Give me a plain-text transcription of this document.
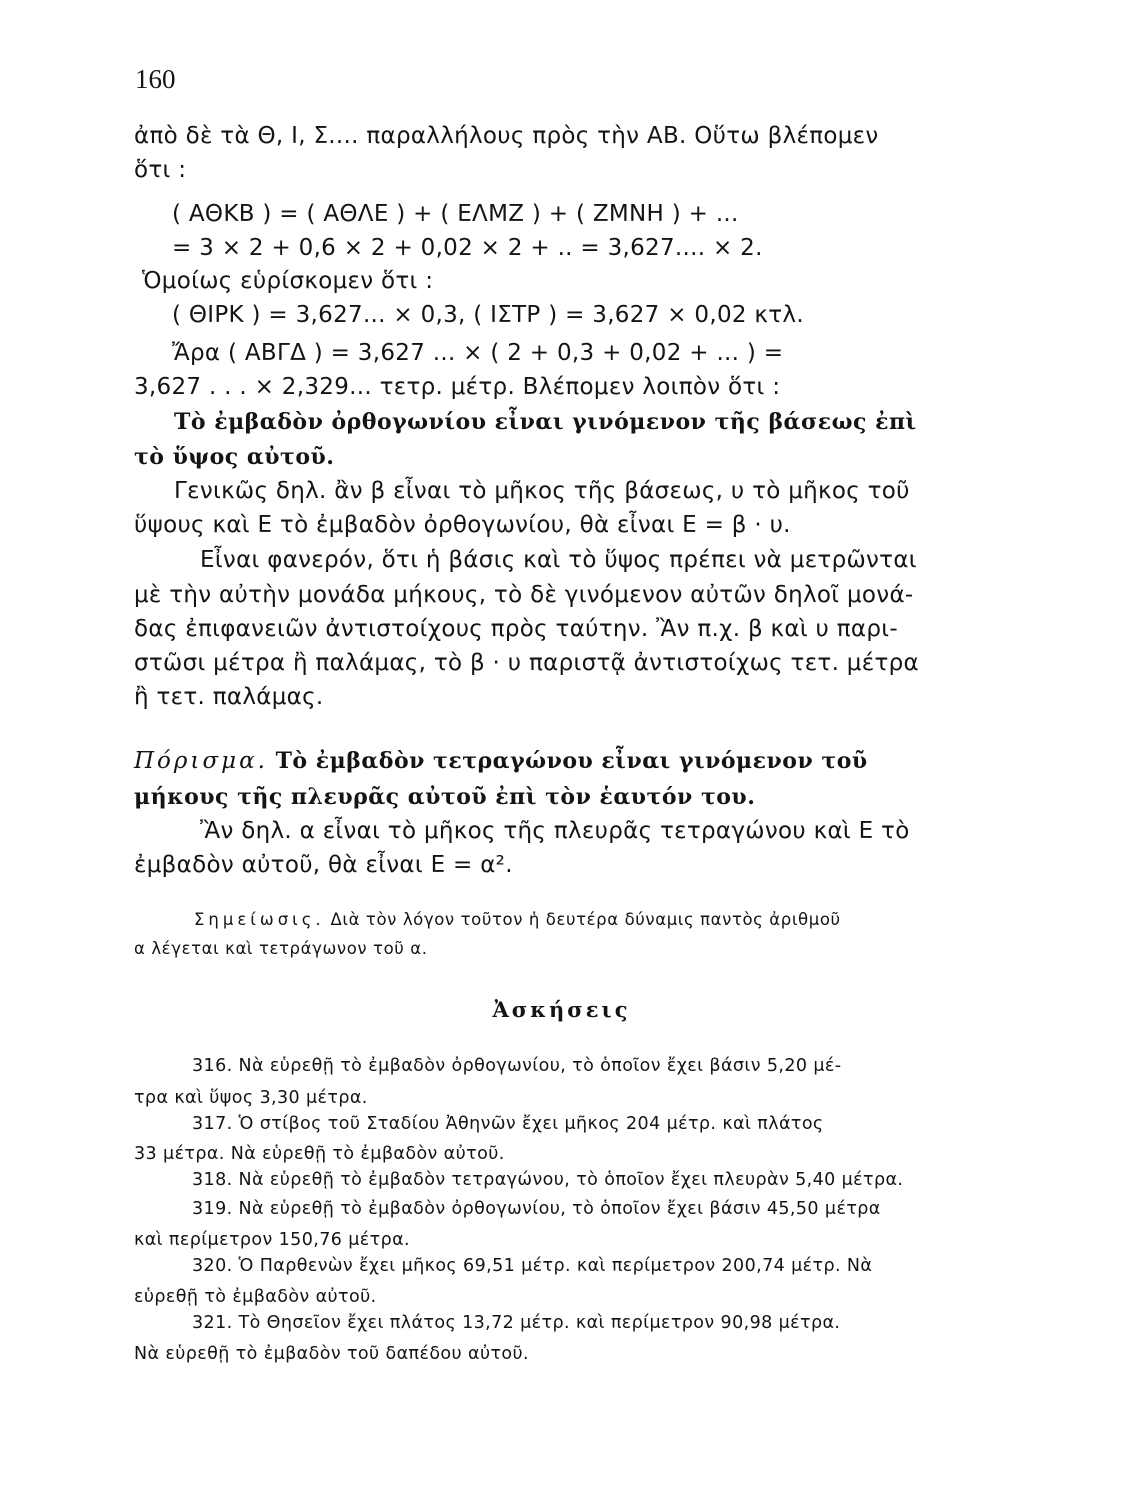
160
ἀπὸ δὲ τὰ Θ, Ι, Σ.... παραλλήλους πρὸς τὴν ΑΒ. Οὕτω βλέπομεν
ὅτι :
( ΑΘΚΒ ) = ( ΑΘΛΕ ) + ( ΕΛΜΖ ) + ( ΖΜΝΗ ) + ...
= 3 × 2 + 0,6 × 2 + 0,02 × 2 + .. = 3,627.... × 2.
Ὁμοίως εὑρίσκομεν ὅτι :
( ΘΙΡΚ ) = 3,627... × 0,3, ( ΙΣΤΡ ) = 3,627 × 0,02 κτλ.
Ἄρα ( ΑΒΓΔ ) = 3,627 ... × ( 2 + 0,3 + 0,02 + ... ) =
3,627 . . . × 2,329... τετρ. μέτρ. Βλέπομεν λοιπὸν ὅτι :
Τὸ ἐμβαδὸν ὀρθογωνίου εἶναι γινόμενον τῆς βάσεως ἐπὶ
τὸ ὕψος αὐτοῦ.
Γενικῶς δηλ. ἂν β εἶναι τὸ μῆκος τῆς βάσεως, υ τὸ μῆκος τοῦ
ὕψους καὶ Ε τὸ ἐμβαδὸν ὀρθογωνίου, θὰ εἶναι Ε = β · υ.
Εἶναι φανερόν, ὅτι ἡ βάσις καὶ τὸ ὕψος πρέπει νὰ μετρῶνται
μὲ τὴν αὐτὴν μονάδα μήκους, τὸ δὲ γινόμενον αὐτῶν δηλοῖ μονά-
δας ἐπιφανειῶν ἀντιστοίχους πρὸς ταύτην. Ἂν π.χ. β καὶ υ παρι-
στῶσι μέτρα ἢ παλάμας, τὸ β · υ παριστᾷ ἀντιστοίχως τετ. μέτρα
ἢ τετ. παλάμας.
Πόρισμα. Τὸ ἐμβαδὸν τετραγώνου εἶναι γινόμενον τοῦ
μήκους τῆς πλευρᾶς αὐτοῦ ἐπὶ τὸν ἑαυτόν του.
Ἂν δηλ. α εἶναι τὸ μῆκος τῆς πλευρᾶς τετραγώνου καὶ Ε τὸ
ἐμβαδὸν αὐτοῦ, θὰ εἶναι Ε = α².
Σημείωσις. Διὰ τὸν λόγον τοῦτον ἡ δευτέρα δύναμις παντὸς ἀριθμοῦ
α λέγεται καὶ τετράγωνον τοῦ α.
Ἀσκήσεις
316. Νὰ εὑρεθῇ τὸ ἐμβαδὸν ὀρθογωνίου, τὸ ὁποῖον ἔχει βάσιν 5,20 μέ-
τρα καὶ ὕψος 3,30 μέτρα.
317. Ὁ στίβος τοῦ Σταδίου Ἀθηνῶν ἔχει μῆκος 204 μέτρ. καὶ πλάτος
33 μέτρα. Νὰ εὑρεθῇ τὸ ἐμβαδὸν αὐτοῦ.
318. Νὰ εὑρεθῇ τὸ ἐμβαδὸν τετραγώνου, τὸ ὁποῖον ἔχει πλευρὰν 5,40 μέτρα.
319. Νὰ εὑρεθῇ τὸ ἐμβαδὸν ὀρθογωνίου, τὸ ὁποῖον ἔχει βάσιν 45,50 μέτρα
καὶ περίμετρον 150,76 μέτρα.
320. Ὁ Παρθενὼν ἔχει μῆκος 69,51 μέτρ. καὶ περίμετρον 200,74 μέτρ. Νὰ
εὑρεθῇ τὸ ἐμβαδὸν αὐτοῦ.
321. Τὸ Θησεῖον ἔχει πλάτος 13,72 μέτρ. καὶ περίμετρον 90,98 μέτρα.
Νὰ εὑρεθῇ τὸ ἐμβαδὸν τοῦ δαπέδου αὐτοῦ.
